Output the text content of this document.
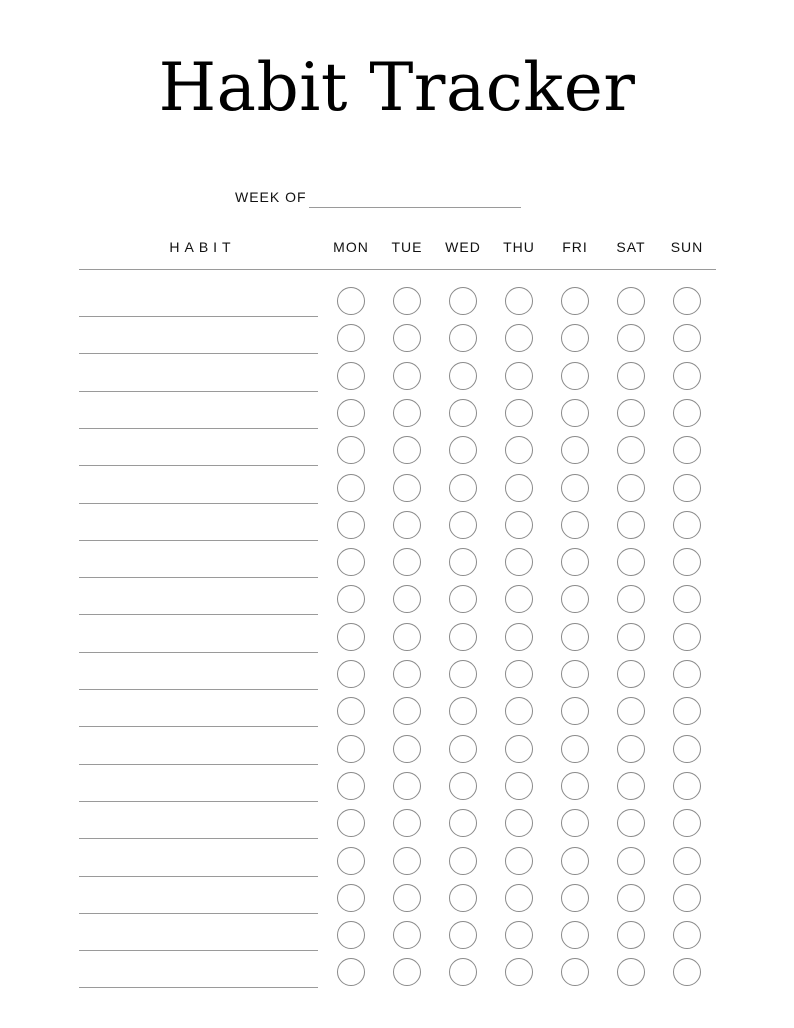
Habit Tracker
WEEK OF
HABIT	MON	TUE	WED	THU	FRI	SAT	SUN
